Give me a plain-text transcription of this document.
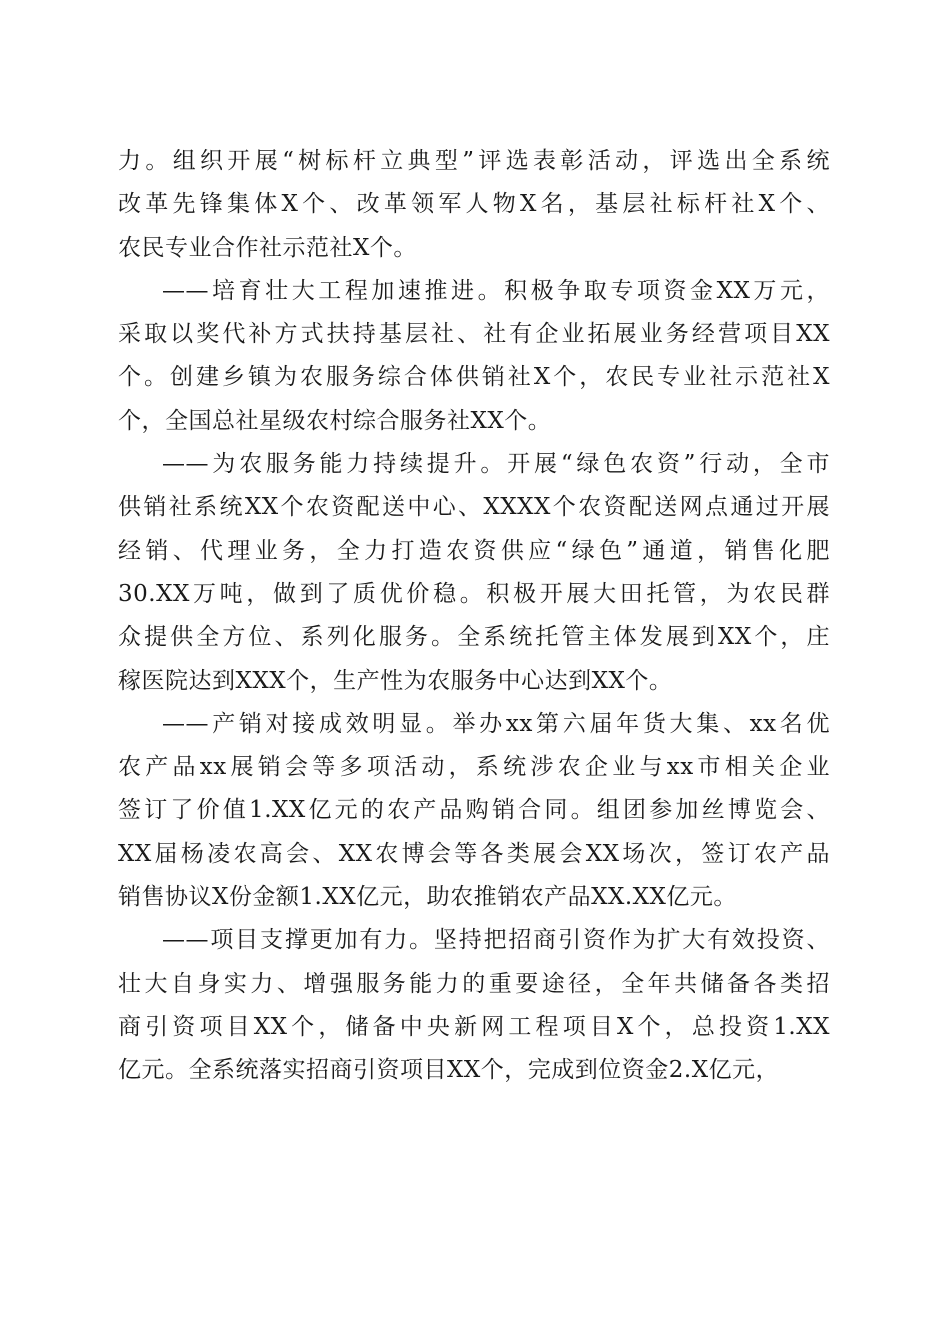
力。组织开展“树标杆立典型”评选表彰活动，评选出全系统
改革先锋集体X个、改革领军人物X名，基层社标杆社X个、
农民专业合作社示范社X个。
——培育壮大工程加速推进。积极争取专项资金XX万元，
采取以奖代补方式扶持基层社、社有企业拓展业务经营项目XX
个。创建乡镇为农服务综合体供销社X个，农民专业社示范社X
个，全国总社星级农村综合服务社XX个。
——为农服务能力持续提升。开展“绿色农资”行动，全市
供销社系统XX个农资配送中心、XXXX个农资配送网点通过开展
经销、代理业务，全力打造农资供应“绿色”通道，销售化肥
30.XX万吨，做到了质优价稳。积极开展大田托管，为农民群
众提供全方位、系列化服务。全系统托管主体发展到XX个，庄
稼医院达到XXX个，生产性为农服务中心达到XX个。
——产销对接成效明显。举办xx第六届年货大集、xx名优
农产品xx展销会等多项活动，系统涉农企业与xx市相关企业
签订了价值1.XX亿元的农产品购销合同。组团参加丝博览会、
XX届杨凌农高会、XX农博会等各类展会XX场次，签订农产品
销售协议X份金额1.XX亿元，助农推销农产品XX.XX亿元。
——项目支撑更加有力。坚持把招商引资作为扩大有效投资、
壮大自身实力、增强服务能力的重要途径，全年共储备各类招
商引资项目XX个，储备中央新网工程项目X个，总投资1.XX
亿元。全系统落实招商引资项目XX个，完成到位资金2.X亿元，
